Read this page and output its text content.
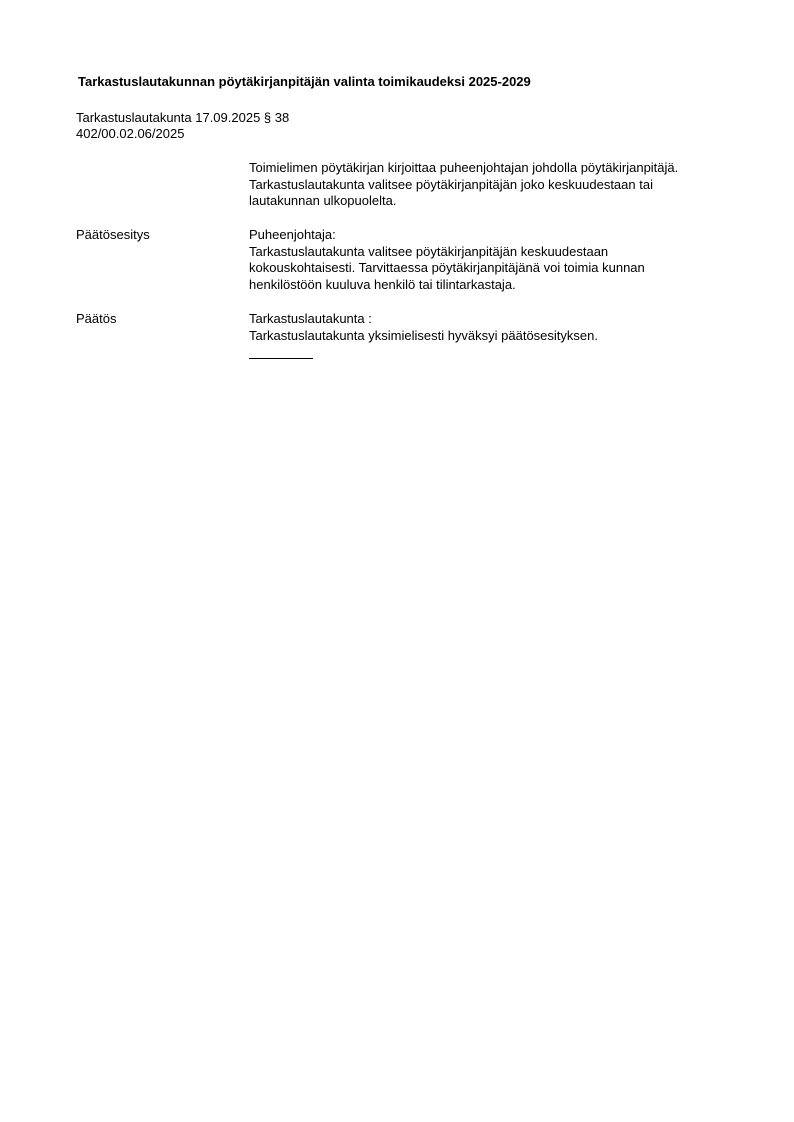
Tarkastuslautakunnan pöytäkirjanpitäjän valinta toimikaudeksi 2025-2029
Tarkastuslautakunta 17.09.2025 § 38
402/00.02.06/2025
Toimielimen pöytäkirjan kirjoittaa puheenjohtajan johdolla pöytäkirjanpitäjä.
Tarkastuslautakunta valitsee pöytäkirjanpitäjän joko keskuudestaan tai
lautakunnan ulkopuolelta.
Päätösesitys	Puheenjohtaja:
Tarkastuslautakunta valitsee pöytäkirjanpitäjän keskuudestaan
kokouskohtaisesti. Tarvittaessa pöytäkirjanpitäjänä voi toimia kunnan
henkilöstöön kuuluva henkilö tai tilintarkastaja.
Päätös	Tarkastuslautakunta :
Tarkastuslautakunta yksimielisesti hyväksyi päätösesityksen.
